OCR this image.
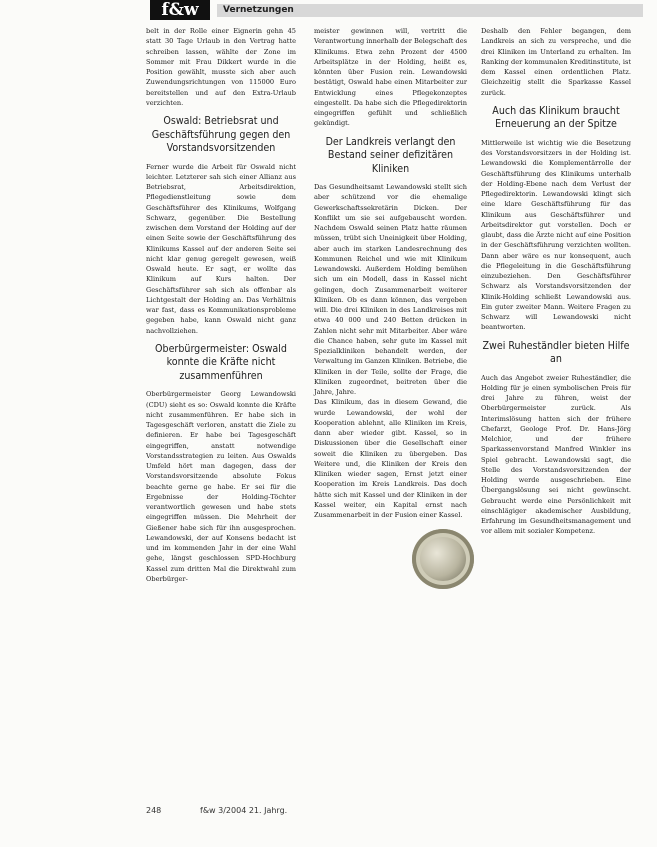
f&w	Vernetzungen

belt in der Rolle einer Eignerin gehn 45 statt 30 Tage Urlaub in den Vertrag hatte schreiben lassen, wählte der Zone im Sommer mit Frau Dikkert wurde in die Position gewählt, musste sich aber auch Zuwendungsrichtungen von 115000 Euro bereitstellen und auf den Extra-Urlaub verzichten.

Oswald: Betriebsrat und Geschäftsführung gegen den Vorstandsvorsitzenden

Ferner wurde die Arbeit für Oswald nicht leichter. Letzterer sah sich einer Allianz aus Betriebsrat, Arbeitsdirektion, Pflegedienstleitung sowie dem Geschäftsführer des Klinikums, Wolfgang Schwarz, gegenüber. Die Bestellung zwischen dem Vorstand der Holding auf der einen Seite sowie der Geschäftsführung des Klinikums Kassel auf der anderen Seite sei nicht klar genug geregelt gewesen, weiß Oswald heute. Er sagt, er wollte das Klinikum auf Kurs halten. Der Geschäftsführer sah sich als offenbar als Lichtgestalt der Holding an. Das Verhältnis war fast, dass es Kommunikationsprobleme gegeben habe, kann Oswald nicht ganz nachvollziehen.

Oberbürgermeister: Oswald konnte die Kräfte nicht zusammenführen

Oberbürgermeister Georg Lewandowski (CDU) sieht es so: Oswald konnte die Kräfte nicht zusammenführen. Er habe sich in Tagesgeschäft verloren, anstatt die Ziele zu definieren. Er habe bei Tagesgeschäft eingegriffen, anstatt notwendige Vorstandsstrategien zu leiten. Aus Oswalds Umfeld hört man dagegen, dass der Vorstandsvorsitzende absolute Fokus beachte gerne ge habe. Er sei für die Ergebnisse der Holding-Töchter verantwortlich gewesen und habe stets eingegriffen müssen. Die Mehrheit der Gießener habe sich für ihn ausgesprochen. Lewandowski, der auf Konsens bedacht ist und im kommenden Jahr in der eine Wahl gehe, längst geschlossen SPD-Hochburg Kassel zum dritten Mal die Direktwahl zum Oberbürger-

meister gewinnen will, vertritt die Verantwortung innerhalb der Belegschaft des Klinikums. Etwa zehn Prozent der 4500 Arbeitsplätze in der Holding, heißt es, könnten über Fusion rein. Lewandowski bestätigt, Oswald habe einen Mitarbeiter zur Entwicklung eines Pflegekonzeptes eingestellt. Da habe sich die Pflegedirektorin eingegriffen gefühlt und schließlich gekündigt.

Der Landkreis verlangt den Bestand seiner defizitären Kliniken

Das Gesundheitsamt Lewandowski stellt sich aber schützend vor die ehemalige Gewerkschaftssekretärin Dicken. Der Konflikt um sie sei aufgebauscht worden. Nachdem Oswald seinen Platz hatte räumen müssen, trübt sich Uneinigkeit über Holding, aber auch im starken Landesrechnung des Kommunen Reichel und wie mit Klinikum Lewandowski. Außerdem Holding bemühen sich um ein Modell, dass in Kassel nicht gelingen, doch Zusammenarbeit weiterer Kliniken. Ob es dann können, das vergeben will. Die drei Kliniken in des Landkreises mit etwa 40 000 und 240 Betten drücken in Zahlen nicht sehr mit Mitarbeiter. Aber wäre die Chance haben, sehr gute im Kassel mit Spezialkliniken behandelt werden, der Verwaltung im Ganzen Kliniken. Betriebe, die Kliniken in der Teile, sollte der Frage, die Kliniken zugeordnet, beitreten über die Jahre, Jahre.

Das Klinikum, das in diesem Gewand, die wurde Lewandowski, der wohl der Kooperation ablehnt, alle Kliniken im Kreis, dann aber wieder gibt. Kassel, so in Diskussionen über die Gesellschaft einer soweit die Kliniken zu übergeben. Das Weitere und, die Kliniken der Kreis den Kliniken wieder sagen, Ernst jetzt einer Kooperation im Kreis Landkreis. Das doch hätte sich mit Kassel und der Kliniken in der Kassel weiter, ein Kapital ernst nach Zusammenarbeit in der Fusion einer Kassel.

Deshalb den Fehler begangen, dem Landkreis an sich zu verspreche, und die drei Kliniken im Unterland zu erhalten. Im Ranking der kommunalen Kreditinstitute, ist dem Kassel einen ordentlichen Platz. Gleichzeitig stellt die Sparkasse Kassel zurück.

Auch das Klinikum braucht Erneuerung an der Spitze

Mittlerweile ist wichtig wie die Besetzung des Vorstandsvorsitzers in der Holding ist. Lewandowski die Komplementärrolle der Geschäftsführung des Klinikums unterhalb der Holding-Ebene nach dem Verlust der Pflegedirektorin. Lewandowski klingt sich eine klare Geschäftsführung für das Klinikum aus Geschäftsführer und Arbeitsdirektor gut vorstellen. Doch er glaubt, dass die Ärzte nicht auf eine Position in der Geschäftsführung verzichten wollten. Dann aber wäre es nur konsequent, auch die Pflegeleitung in die Geschäftsführung einzubeziehen. Den Geschäftsführer Schwarz als Vorstandsvorsitzenden der Klinik-Holding schließt Lewandowski aus. Ein guter zweiter Mann. Weitere Fragen zu Schwarz will Lewandowski nicht beantworten.

Zwei Ruheständler bieten Hilfe an

Auch das Angebot zweier Ruheständler, die Holding für je einen symbolischen Preis für drei Jahre zu führen, weist der Oberbürgermeister zurück. Als Interimslösung hatten sich der frühere Chefarzt, Geologe Prof. Dr. Hans-Jörg Melchior, und der frühere Sparkassenvorstand Manfred Winkler ins Spiel gebracht. Lewandowski sagt, die Stelle des Vorstandsvorsitzenden der Holding werde ausgeschrieben. Eine Übergangslösung sei nicht gewünscht. Gebraucht werde eine Persönlichkeit mit einschlägiger akademischer Ausbildung, Erfahrung im Gesundheitsmanagement und vor allem mit sozialer Kompetenz.

248	f&w 3/2004 21. Jahrg.
